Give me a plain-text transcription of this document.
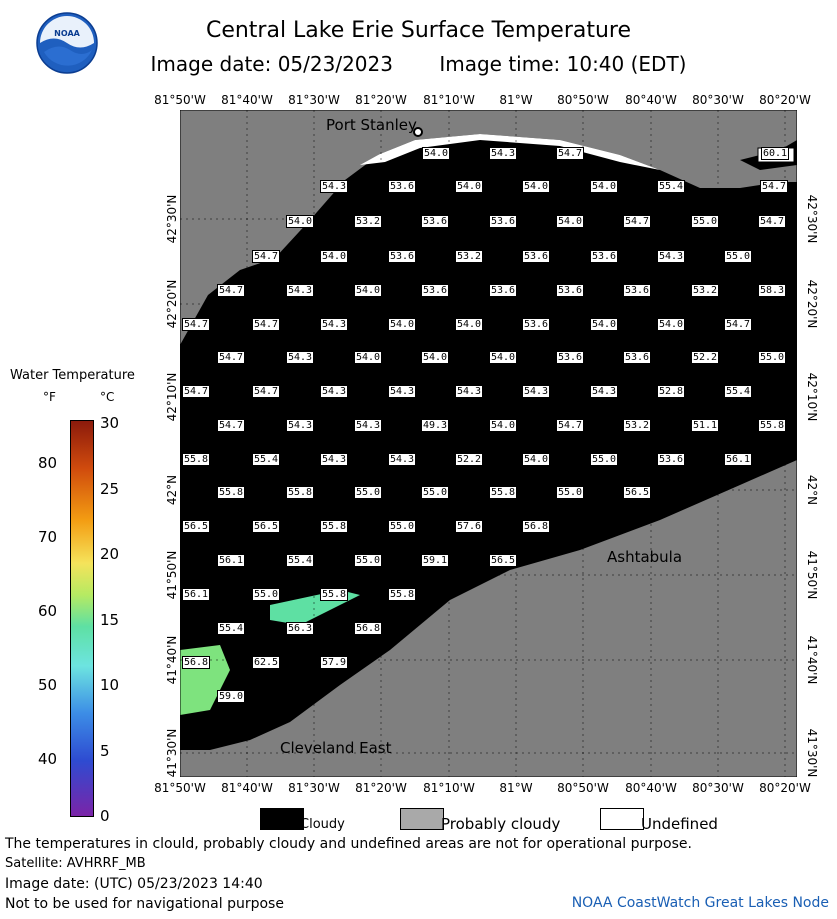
NOAA	Central Lake Erie Surface Temperature
Image date: 05/23/2023 Image time: 10:40 (EDT)
81°50'W	81°40'W	81°30'W	81°20'W	81°10'W	81°W	80°50'W	80°40'W	80°30'W	80°20'W
81°50'W	81°40'W	81°30'W	81°20'W	81°10'W	81°W	80°50'W	80°40'W	80°30'W	80°20'W
42°30'N
42°20'N
42°10'N
42°N
41°50'N
41°40'N
41°30'N
42°30'N
42°20'N
42°10'N
42°N
41°50'N
41°40'N
41°30'N
54.0	54.3	54.7	60.1
54.3	53.6	54.0	54.0	54.0	55.4	54.7
54.0	53.2	53.6	53.6	54.0	54.7	55.0	54.7
54.7	54.0	53.6	53.2	53.6	53.6	54.3	55.0
54.7	54.3	54.0	53.6	53.6	53.6	53.6	53.2	58.3
54.7	54.7	54.3	54.0	54.0	53.6	54.0	54.0	54.7
54.7	54.3	54.0	54.0	54.0	53.6	53.6	52.2	55.0
54.7	54.7	54.3	54.3	54.3	54.3	54.3	52.8	55.4
54.7	54.3	54.3	49.3	54.0	54.7	53.2	51.1	55.8
55.8	55.4	54.3	54.3	52.2	54.0	55.0	53.6	56.1
55.8	55.8	55.0	55.0	55.8	55.0	56.5
56.5	56.5	55.8	55.0	57.6	56.8
56.1	55.4	55.0	59.1	56.5
56.1	55.0	55.8	55.8
55.4	56.3	56.8
56.8	62.5	57.9
59.0
Port Stanley
Ashtabula
Cleveland East
Water Temperature
°F	°C
80
70
60
50
40
30
25
20
15
10
5
0	Cloudy	Probably cloudy	Undefined
The temperatures in clould, probably cloudy and undefined areas are not for operational purpose.
Satellite: AVHRRF_MB
Image date: (UTC) 05/23/2023 14:40
Not to be used for navigational purpose	NOAA CoastWatch Great Lakes Node
